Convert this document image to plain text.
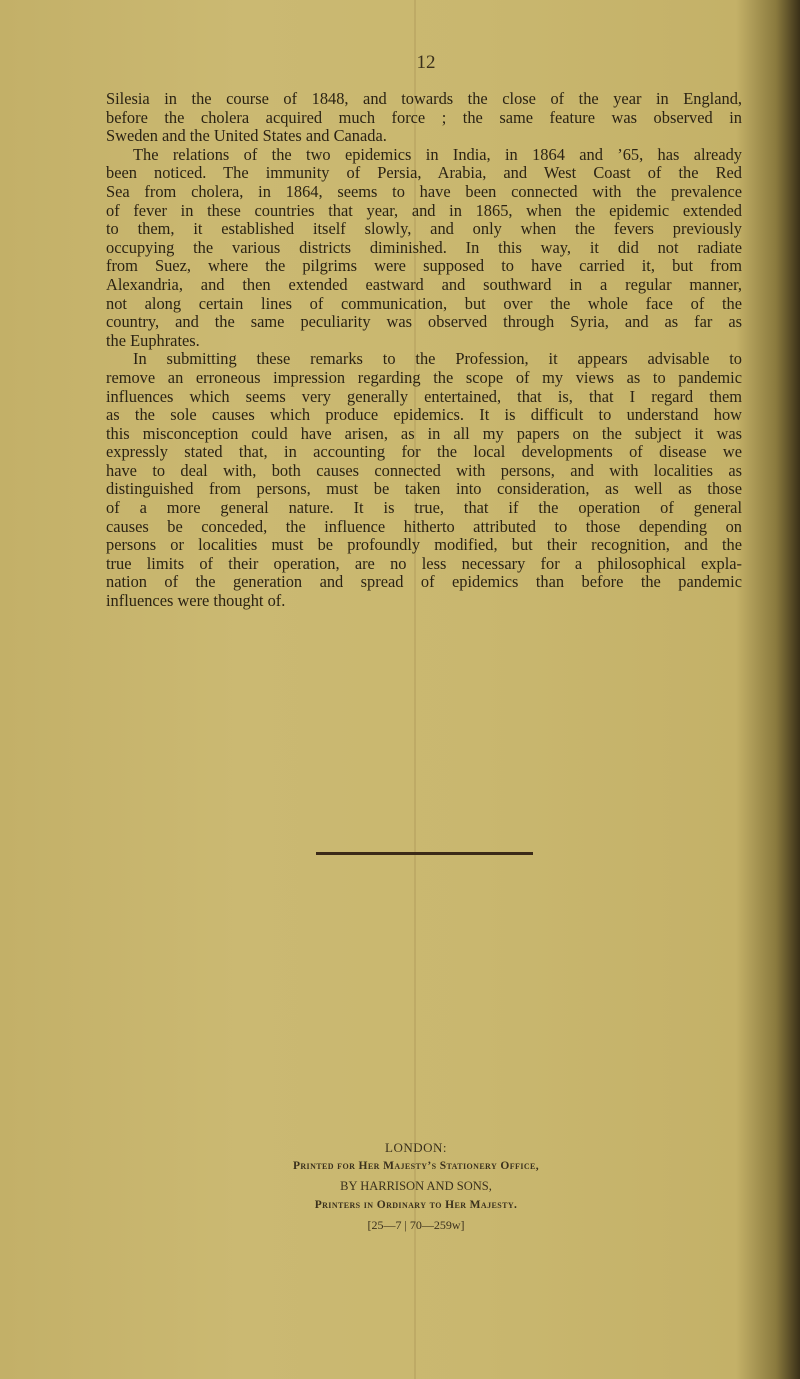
12
Silesia in the course of 1848, and towards the close of the year in England,
before the cholera acquired much force ; the same feature was observed in
Sweden and the United States and Canada.
The relations of the two epidemics in India, in 1864 and ’65, has already
been noticed. The immunity of Persia, Arabia, and West Coast of the Red
Sea from cholera, in 1864, seems to have been connected with the prevalence
of fever in these countries that year, and in 1865, when the epidemic extended
to them, it established itself slowly, and only when the fevers previously
occupying the various districts diminished. In this way, it did not radiate
from Suez, where the pilgrims were supposed to have carried it, but from
Alexandria, and then extended eastward and southward in a regular manner,
not along certain lines of communication, but over the whole face of the
country, and the same peculiarity was observed through Syria, and as far as
the Euphrates.
In submitting these remarks to the Profession, it appears advisable to
remove an erroneous impression regarding the scope of my views as to pandemic
influences which seems very generally entertained, that is, that I regard them
as the sole causes which produce epidemics. It is difficult to understand how
this misconception could have arisen, as in all my papers on the subject it was
expressly stated that, in accounting for the local developments of disease we
have to deal with, both causes connected with persons, and with localities as
distinguished from persons, must be taken into consideration, as well as those
of a more general nature. It is true, that if the operation of general
causes be conceded, the influence hitherto attributed to those depending on
persons or localities must be profoundly modified, but their recognition, and the
true limits of their operation, are no less necessary for a philosophical expla-
nation of the generation and spread of epidemics than before the pandemic
influences were thought of.
LONDON:
Printed for Her Majesty’s Stationery Office,
BY HARRISON AND SONS,
Printers in Ordinary to Her Majesty.
[25—7 | 70—259w]
